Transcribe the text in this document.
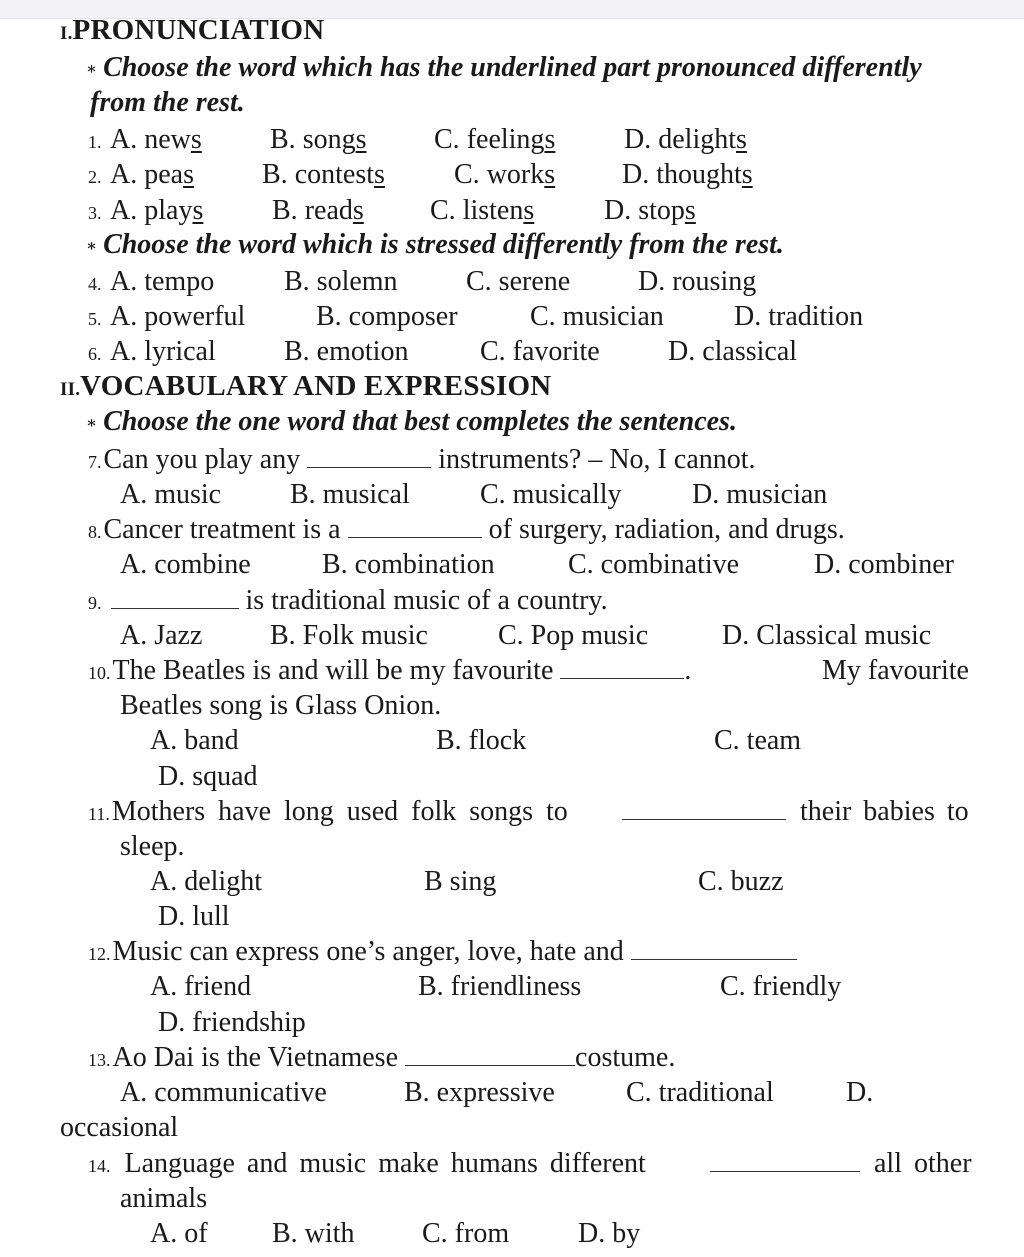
I.PRONUNCIATION
∗ Choose the word which has the underlined part pronounced differently
from the rest.
1. A. news B. songs C. feelings D. delights
2. A. peas B. contests C. works D. thoughts
3. A. plays B. reads C. listens D. stops
∗ Choose the word which is stressed differently from the rest.
4. A. tempo B. solemn C. serene D. rousing
5. A. powerful	B. composer	C. musician	D. tradition
6. A. lyrical B. emotion	C. favorite D. classical
II.VOCABULARY AND EXPRESSION
∗ Choose the one word that best completes the sentences.
7.Can you play any	instruments? – No, I cannot.
A. music B. musical	C. musically	D. musician
8.Cancer treatment is a	of surgery, radiation, and drugs.
A. combine	B. combination	C. combinative	D. combiner
9.	is traditional music of a country.
A. Jazz B. Folk music	C. Pop music	D. Classical music
10.The Beatles is and will be my favourite	.	My favourite
Beatles song is Glass Onion.
A. band	B. flock	C. team
D. squad
11.Mothers have long used folk songs to	their babies to
sleep.
A. delight	B sing	C. buzz
D. lull
12.Music can express one’s anger, love, hate and
A. friend	B. friendliness	C. friendly
D. friendship
13.Ao Dai is the Vietnamese	costume.
A. communicative	B. expressive	C. traditional	D.
occasional
14. Language and music make humans different	all other
animals
A. of B. with C. from D. by
